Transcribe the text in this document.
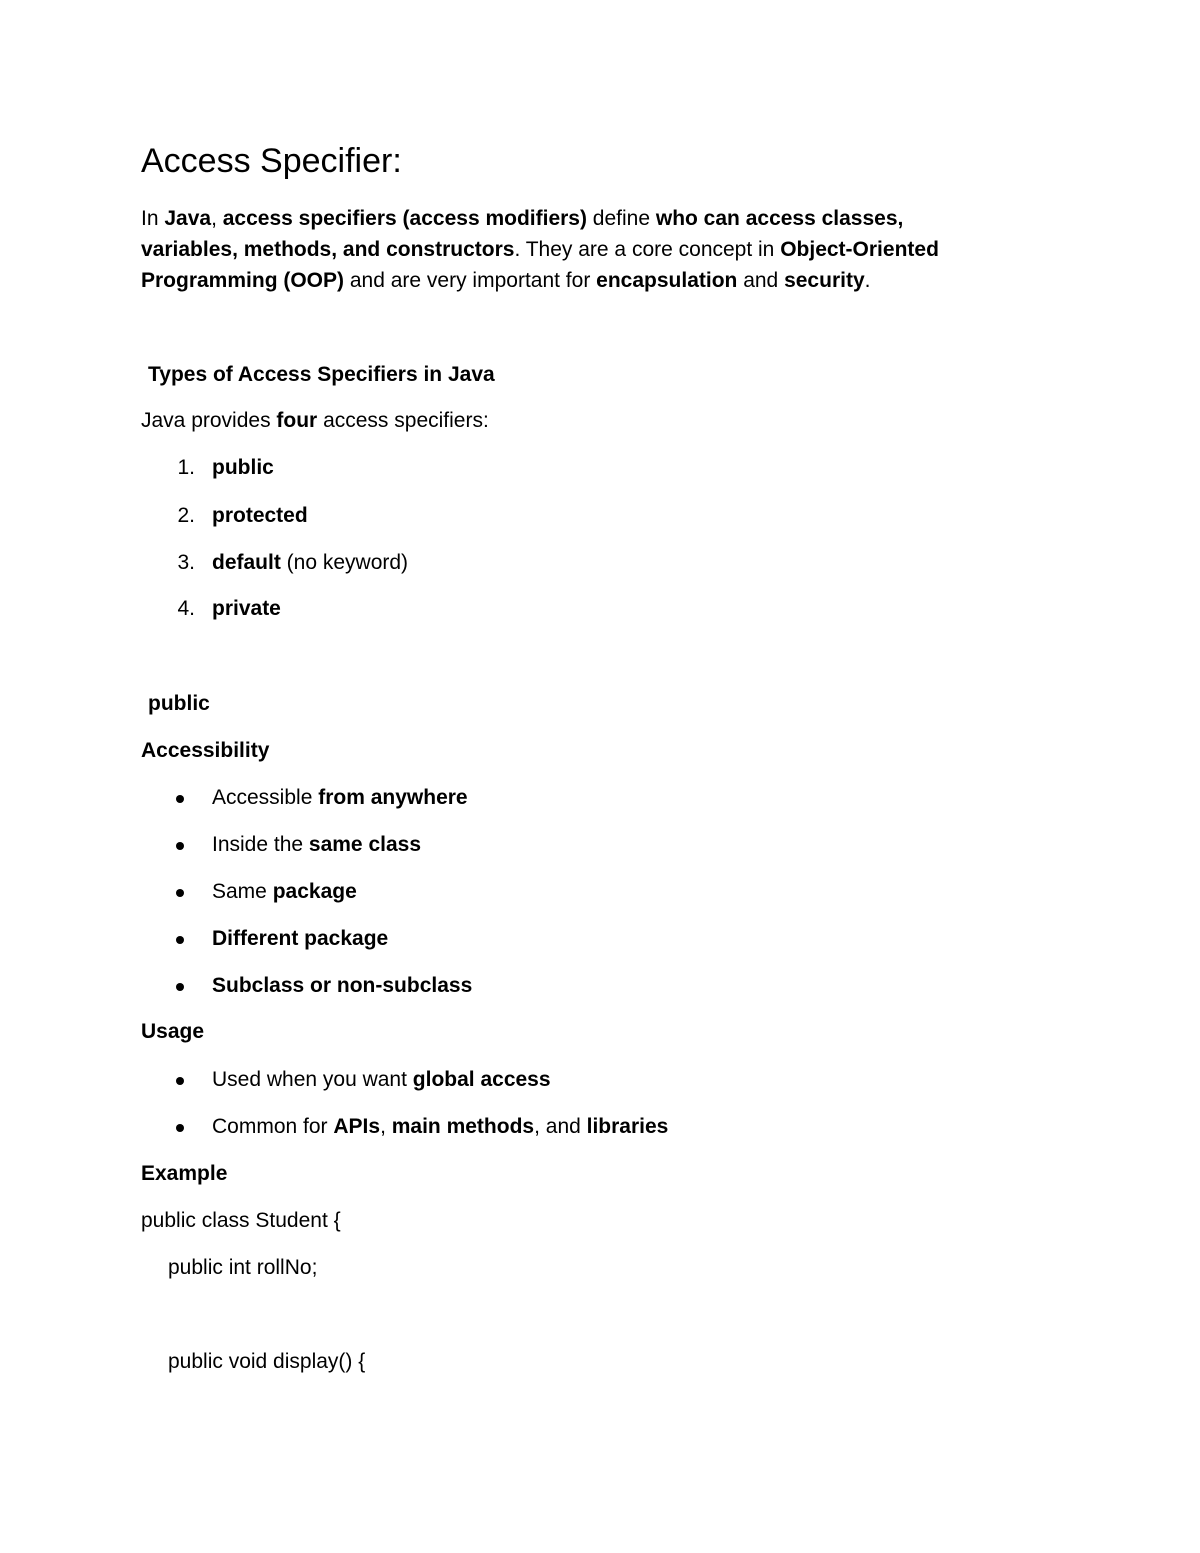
Access Specifier:
In Java, access specifiers (access modifiers) define who can access classes,
variables, methods, and constructors. They are a core concept in Object-Oriented
Programming (OOP) and are very important for encapsulation and security.
Types of Access Specifiers in Java
Java provides four access specifiers:
1. public
2. protected
3. default (no keyword)
4. private
public
Accessibility
Accessible from anywhere
Inside the same class
Same package
Different package
Subclass or non-subclass
Usage
Used when you want global access
Common for APIs, main methods, and libraries
Example
public class Student {
public int rollNo;
public void display() {
